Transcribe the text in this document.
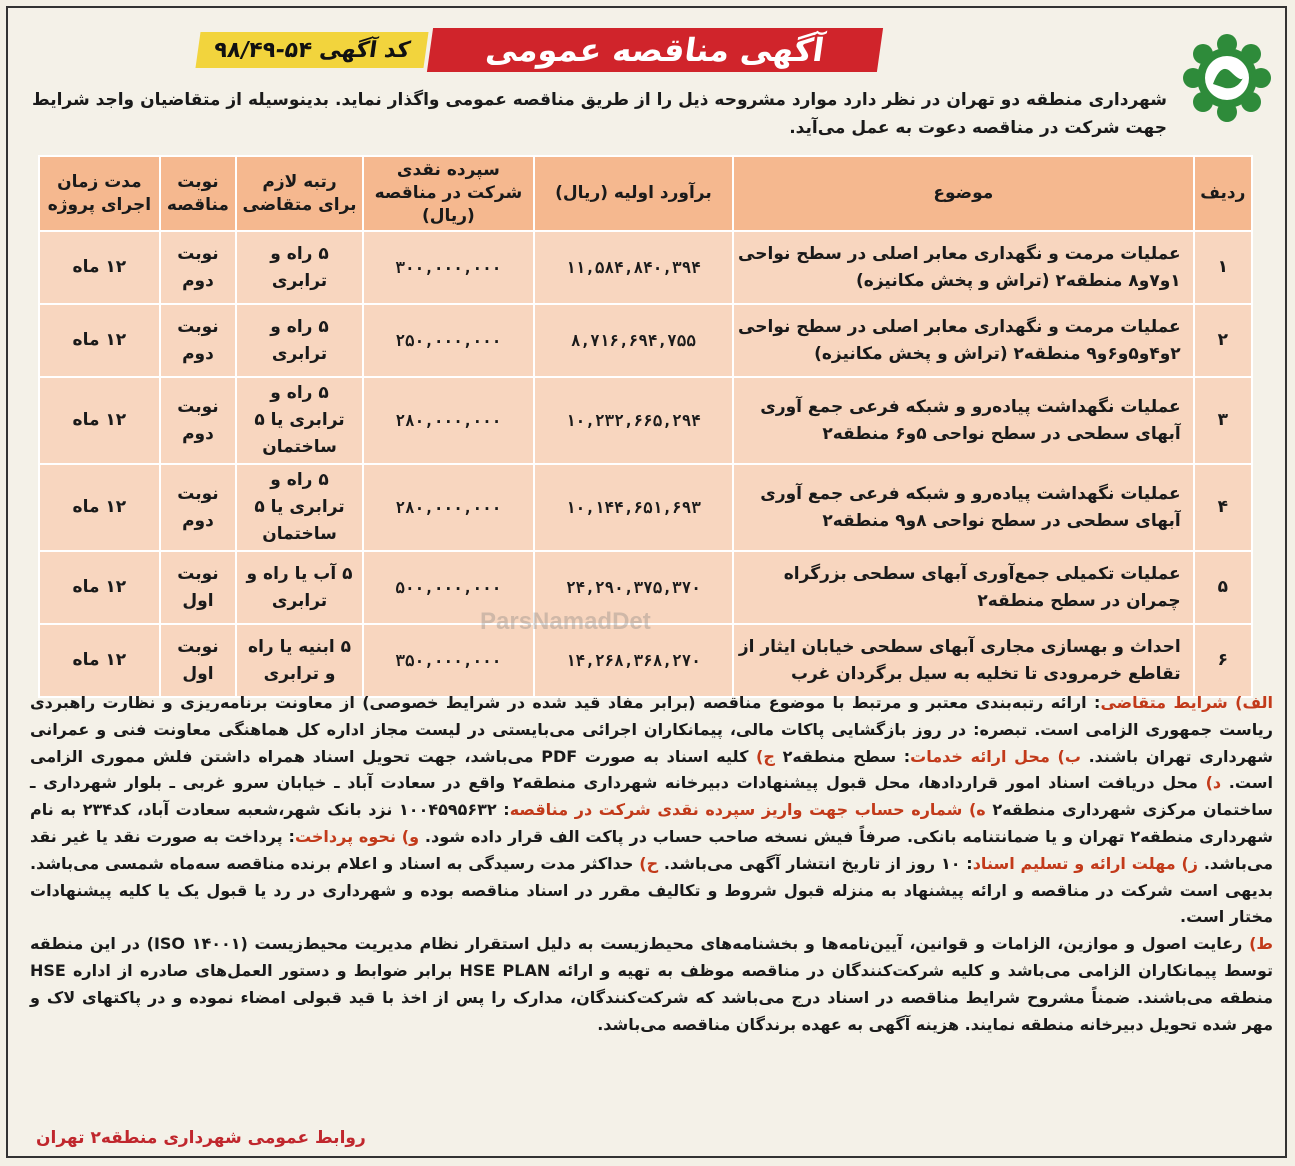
آگهی مناقصه عمومی
کد آگهی
۹۸/۴۹-۵۴
شهرداری منطقه دو تهران در نظر دارد موارد مشروحه ذیل را از طریق مناقصه عمومی واگذار نماید. بدینوسیله از متقاضیان واجد شرایط جهت شرکت در مناقصه دعوت به عمل می‌آید.
ردیف	موضوع	برآورد اولیه (ریال)	سپرده نقدی شرکت در مناقصه (ریال)	رتبه لازم برای متقاضی	نوبت مناقصه	مدت زمان اجرای پروژه
۱	عملیات مرمت و نگهداری معابر اصلی در سطح نواحی ۱و۷و۸ منطقه۲ (تراش و پخش مکانیزه)	۱۱,۵۸۴,۸۴۰,۳۹۴	۳۰۰,۰۰۰,۰۰۰	۵ راه و ترابری	نوبت دوم	۱۲ ماه
۲	عملیات مرمت و نگهداری معابر اصلی در سطح نواحی ۲و۴و۵و۶و۹ منطقه۲ (تراش و پخش مکانیزه)	۸,۷۱۶,۶۹۴,۷۵۵	۲۵۰,۰۰۰,۰۰۰	۵ راه و ترابری	نوبت دوم	۱۲ ماه
۳	عملیات نگهداشت پیاده‌رو و شبکه فرعی جمع آوری آبهای سطحی در سطح نواحی ۵و۶ منطقه۲	۱۰,۲۳۲,۶۶۵,۲۹۴	۲۸۰,۰۰۰,۰۰۰	۵ راه و ترابری یا ۵ ساختمان	نوبت دوم	۱۲ ماه
۴	عملیات نگهداشت پیاده‌رو و شبکه فرعی جمع آوری آبهای سطحی در سطح نواحی ۸و۹ منطقه۲	۱۰,۱۴۴,۶۵۱,۶۹۳	۲۸۰,۰۰۰,۰۰۰	۵ راه و ترابری یا ۵ ساختمان	نوبت دوم	۱۲ ماه
۵	عملیات تکمیلی جمع‌آوری آبهای سطحی بزرگراه چمران در سطح منطقه۲	۲۴,۲۹۰,۳۷۵,۳۷۰	۵۰۰,۰۰۰,۰۰۰	۵ آب یا راه و ترابری	نوبت اول	۱۲ ماه
۶	احداث و بهسازی مجاری آبهای سطحی خیابان ایثار از تقاطع خرمرودی تا تخلیه به سیل برگردان غرب	۱۴,۲۶۸,۳۶۸,۲۷۰	۳۵۰,۰۰۰,۰۰۰	۵ ابنیه یا راه و ترابری	نوبت اول	۱۲ ماه
ParsNamadDet
الف) شرایط متقاضی: ارائه رتبه‌بندی معتبر و مرتبط با موضوع مناقصه (برابر مفاد قید شده در شرایط خصوصی) از معاونت برنامه‌ریزی و نظارت راهبردی ریاست جمهوری الزامی است. تبصره: در روز بازگشایی پاکات مالی، پیمانکاران اجرائی می‌بایستی در لیست مجاز اداره کل هماهنگی معاونت فنی و عمرانی شهرداری تهران باشند. ب) محل ارائه خدمات: سطح منطقه۲ ج) کلیه اسناد به صورت PDF می‌باشد، جهت تحویل اسناد همراه داشتن فلش مموری الزامی است. د) محل دریافت اسناد امور قراردادها، محل قبول پیشنهادات دبیرخانه شهرداری منطقه۲ واقع در سعادت آباد ـ خیابان سرو غربی ـ بلوار شهرداری ـ ساختمان مرکزی شهرداری منطقه۲ ه) شماره حساب جهت واریز سپرده نقدی شرکت در مناقصه: ۱۰۰۴۵۹۵۶۳۲ نزد بانک شهر،شعبه سعادت آباد، کد۲۳۴ به نام شهرداری منطقه۲ تهران و یا ضمانتنامه بانکی. صرفاً فیش نسخه صاحب حساب در پاکت الف قرار داده شود. و) نحوه پرداخت: پرداخت به صورت نقد یا غیر نقد می‌باشد. ز) مهلت ارائه و تسلیم اسناد: ۱۰ روز از تاریخ انتشار آگهی می‌باشد. ح) حداکثر مدت رسیدگی به اسناد و اعلام برنده مناقصه سه‌ماه شمسی می‌باشد. بدیهی است شرکت در مناقصه و ارائه پیشنهاد به منزله قبول شروط و تکالیف مقرر در اسناد مناقصه بوده و شهرداری در رد یا قبول یک یا کلیه پیشنهادات مختار است.
ط) رعایت اصول و موازین، الزامات و قوانین، آیین‌نامه‌ها و بخشنامه‌های محیط‌زیست به دلیل استقرار نظام مدیریت محیط‌زیست (ISO ۱۴۰۰۱) در این منطقه توسط پیمانکاران الزامی می‌باشد و کلیه شرکت‌کنندگان در مناقصه موظف به تهیه و ارائه HSE PLAN برابر ضوابط و دستور العمل‌های صادره از اداره HSE منطقه می‌باشند. ضمناً مشروح شرایط مناقصه در اسناد درج می‌باشد که شرکت‌کنندگان، مدارک را پس از اخذ با قید قبولی امضاء نموده و در پاکتهای لاک و مهر شده تحویل دبیرخانه منطقه نمایند. هزینه آگهی به عهده برندگان مناقصه می‌باشد.
روابط عمومی شهرداری منطقه۲ تهران
